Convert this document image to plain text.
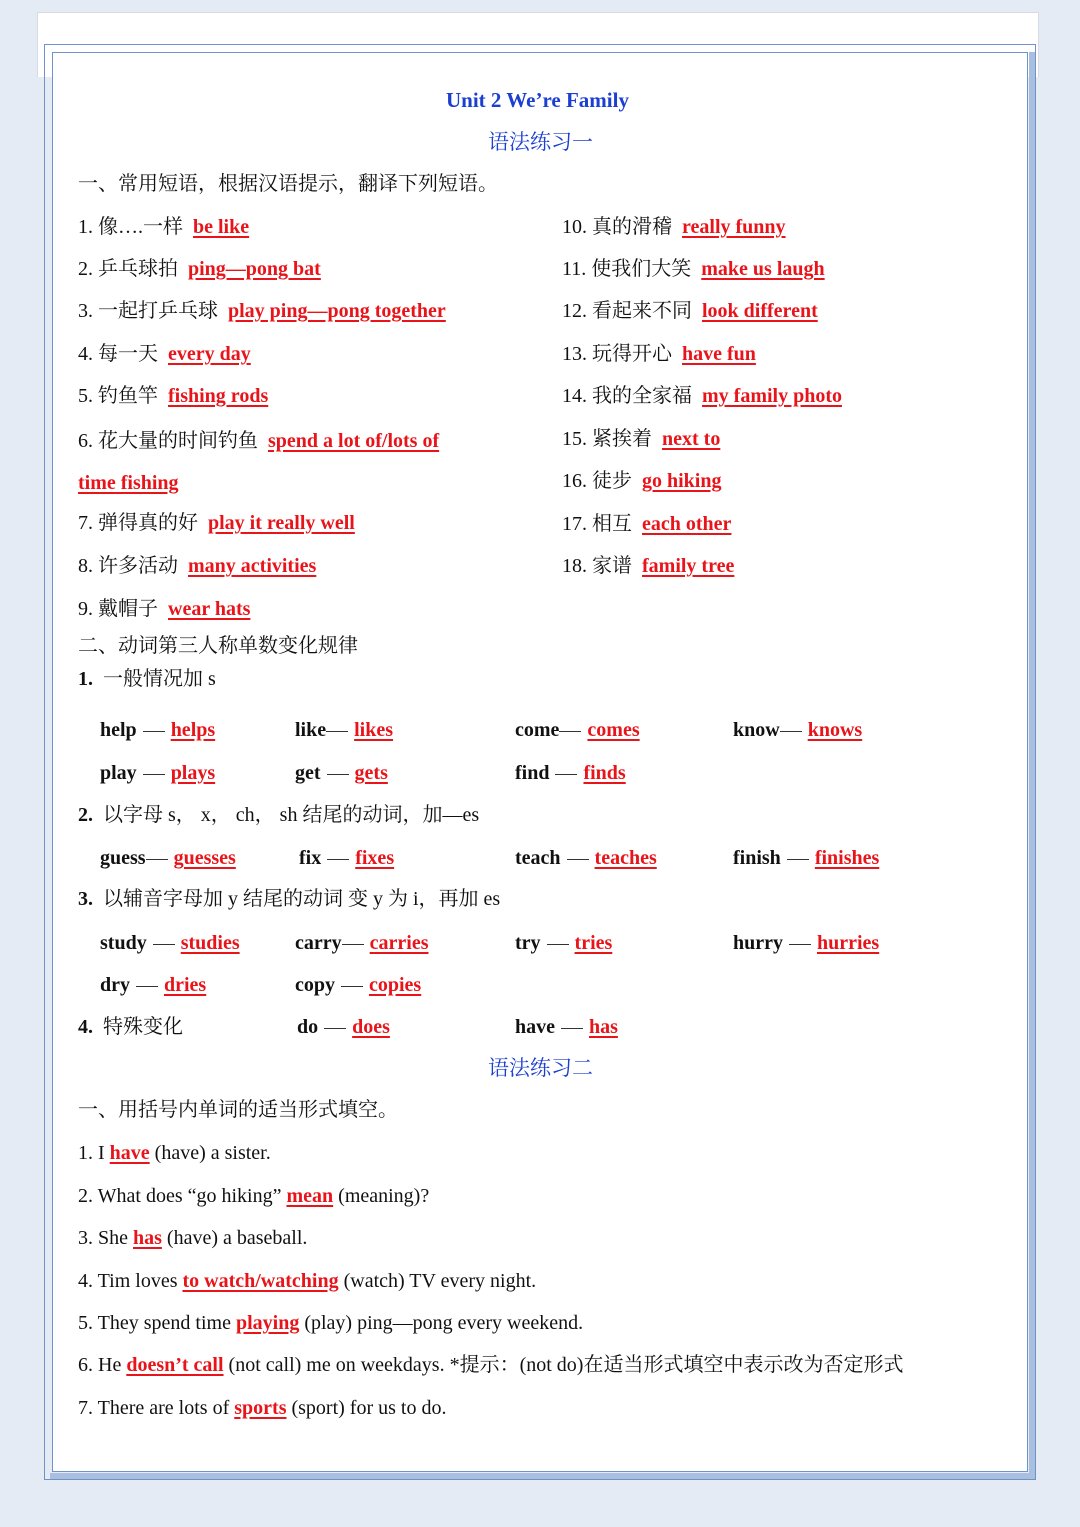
Unit 2 We’re Family
语法练习一
一、常用短语，根据汉语提示，翻译下列短语。
1. 像….一样 be like
2. 乒乓球拍 ping—pong bat
3. 一起打乒乓球 play ping—pong together
4. 每一天 every day
5. 钓鱼竿 fishing rods
6. 花大量的时间钓鱼 spend a lot of/lots of
time fishing
7. 弹得真的好 play it really well
8. 许多活动 many activities
9. 戴帽子 wear hats
10. 真的滑稽 really funny
11. 使我们大笑 make us laugh
12. 看起来不同 look different
13. 玩得开心 have fun
14. 我的全家福 my family photo
15. 紧挨着 next to
16. 徒步 go hiking
17. 相互 each other
18. 家谱 family tree
二、动词第三人称单数变化规律
1. 一般情况加 s
help helps	like likes	come comes	know knows
play plays	get gets	find finds
2. 以字母 s， x， ch， sh 结尾的动词，加—es
guess guesses	fix fixes	teach teaches	finish finishes
3. 以辅音字母加 y 结尾的动词 变 y 为 i，再加 es
study studies	carry carries	try tries	hurry hurries
dry dries	copy copies
4. 特殊变化	do does	have has
语法练习二
一、用括号内单词的适当形式填空。
1. I have (have) a sister.
2. What does “go hiking” mean (meaning)?
3. She has (have) a baseball.
4. Tim loves to watch/watching (watch) TV every night.
5. They spend time playing (play) ping—pong every weekend.
6. He doesn’t call (not call) me on weekdays. *提示：(not do)在适当形式填空中表示改为否定形式
7. There are lots of sports (sport) for us to do.
